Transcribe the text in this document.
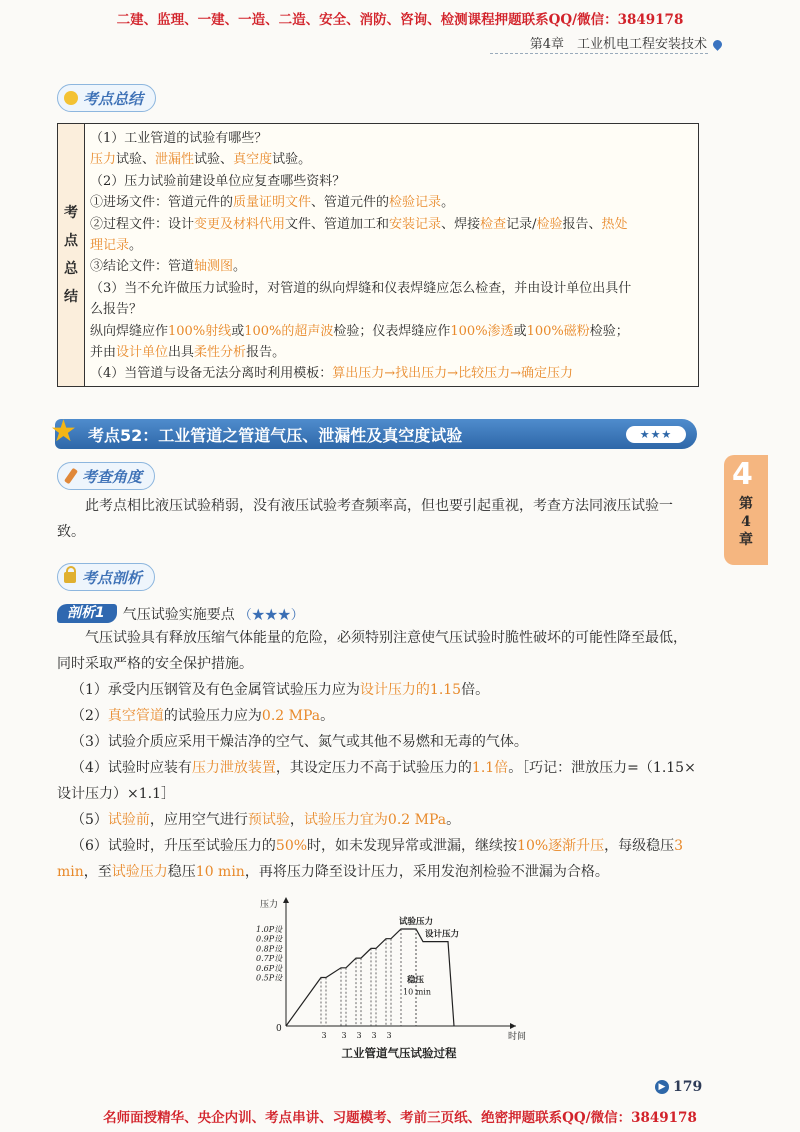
二建、监理、一建、一造、二造、安全、消防、咨询、检测课程押题联系QQ/微信：3849178
第4章　工业机电工程安装技术
考点总结
考
点
总
结

（1）工业管道的试验有哪些？

压力试验、泄漏性试验、真空度试验。

（2）压力试验前建设单位应复查哪些资料？

①进场文件：管道元件的质量证明文件、管道元件的检验记录。

②过程文件：设计变更及材料代用文件、管道加工和安装记录、焊接检查记录/检验报告、热处

理记录。

③结论文件：管道轴测图。

（3）当不允许做压力试验时，对管道的纵向焊缝和仪表焊缝应怎么检查，并由设计单位出具什

么报告？

纵向焊缝应作100%射线或100%的超声波检验；仪表焊缝应作100%渗透或100%磁粉检验；

并由设计单位出具柔性分析报告。

（4）当管道与设备无法分离时利用模板：算出压力→找出压力→比较压力→确定压力

★ 考点52：工业管道之管道气压、泄漏性及真空度试验	★★★
考查角度

此考点相比液压试验稍弱，没有液压试验考查频率高，但也要引起重视，考查方法同液压试验一致。

4
第
4
章
考点剖析
剖析1	气压试验实施要点 （★★★）

气压试验具有释放压缩气体能量的危险，必须特别注意使气压试验时脆性破坏的可能性降至最低，同时采取严格的安全保护措施。

（1）承受内压钢管及有色金属管试验压力应为设计压力的1.15倍。

（2）真空管道的试验压力应为0.2 MPa。

（3）试验介质应采用干燥洁净的空气、氮气或其他不易燃和无毒的气体。

（4）试验时应装有压力泄放装置，其设定压力不高于试验压力的1.1倍。［巧记：泄放压力=（1.15×设计压力）×1.1］

（5）试验前，应用空气进行预试验，试验压力宜为0.2 MPa。

（6）试验时，升压至试验压力的50%时，如未发现异常或泄漏，继续按10%逐渐升压，每级稳压3 min，至试验压力稳压10 min，再将压力降至设计压力，采用发泡剂检验不泄漏为合格。

压力
时间
0
1.0P设
0.9P设
0.8P设
0.7P设
0.6P设
0.5P设
3 3 3 3 3
试验压力
设计压力
稳压
10 min
工业管道气压试验过程
▶ 179
名师面授精华、央企内训、考点串讲、习题模考、考前三页纸、绝密押题联系QQ/微信：3849178
